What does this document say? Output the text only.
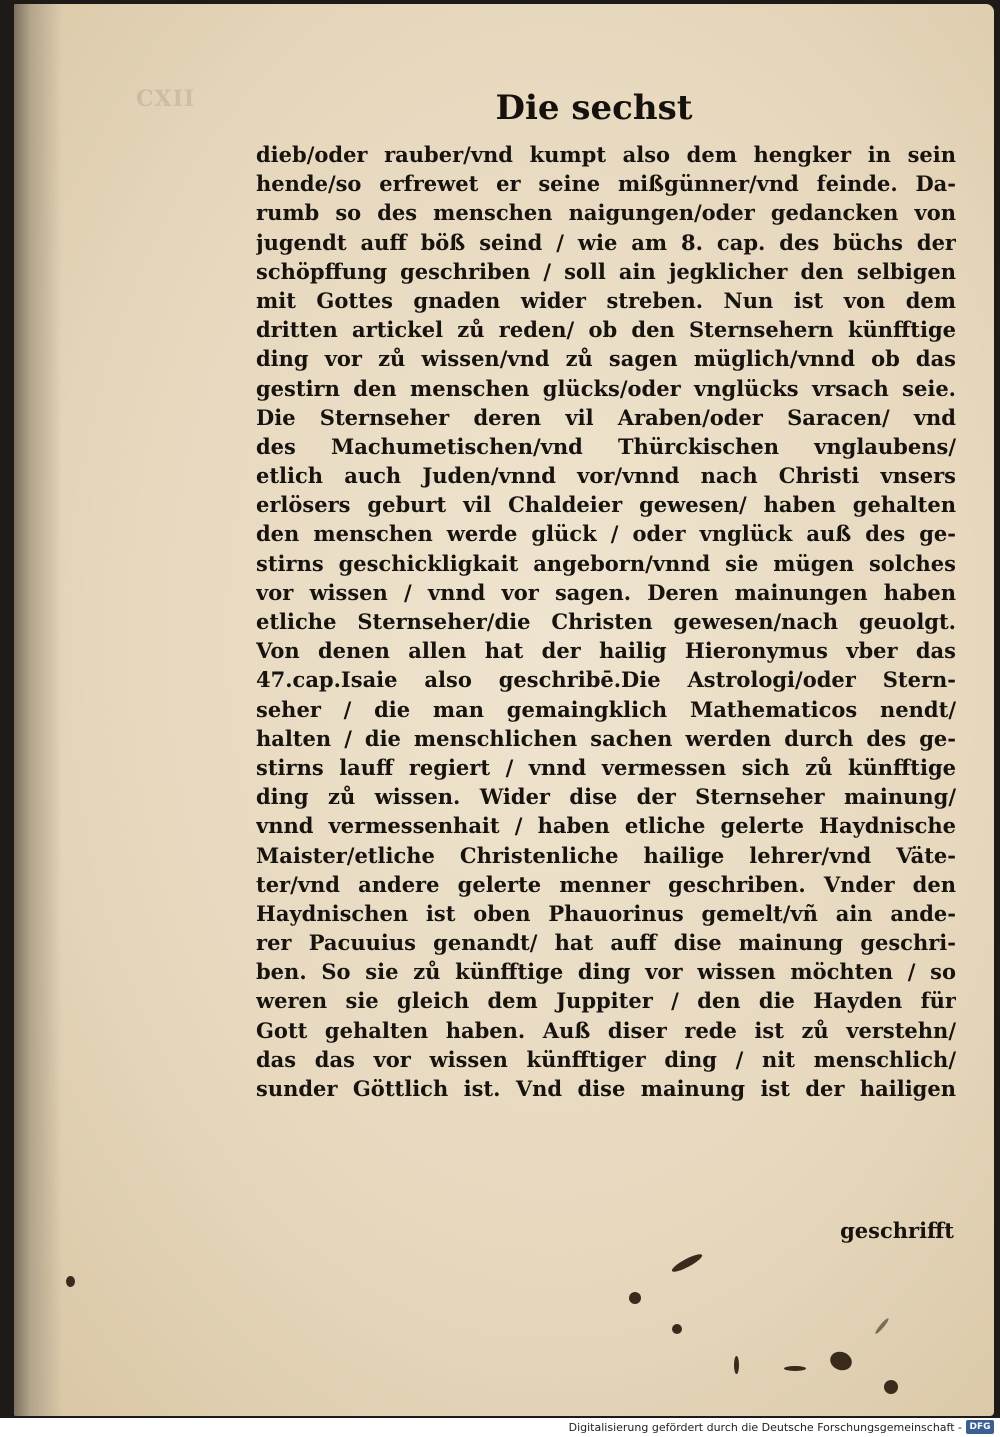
CXII	Die sechst
dieb/oder rauber/vnd kumpt also dem hengker in sein
hende/so erfrewet er seine mißgünner/vnd feinde. Da-
rumb so des menschen naigungen/oder gedancken von
jugendt auff böß seind / wie am 8. cap. des büchs der
schöpffung geschriben / soll ain jegklicher den selbigen
mit Gottes gnaden wider streben. Nun ist von dem
dritten artickel zů reden/ ob den Sternsehern künfftige
ding vor zů wissen/vnd zů sagen müglich/vnnd ob das
gestirn den menschen glücks/oder vnglücks vrsach seie.
Die Sternseher deren vil Araben/oder Saracen/ vnd
des Machumetischen/vnd Thürckischen vnglaubens/
etlich auch Juden/vnnd vor/vnnd nach Christi vnsers
erlösers geburt vil Chaldeier gewesen/ haben gehalten
den menschen werde glück / oder vnglück auß des ge-
stirns geschickligkait angeborn/vnnd sie mügen solches
vor wissen / vnnd vor sagen. Deren mainungen haben
etliche Sternseher/die Christen gewesen/nach geuolgt.
Von denen allen hat der hailig Hieronymus vber das
47.cap.Isaie also geschribē.Die Astrologi/oder Stern-
seher / die man gemaingklich Mathematicos nendt/
halten / die menschlichen sachen werden durch des ge-
stirns lauff regiert / vnnd vermessen sich zů künfftige
ding zů wissen. Wider dise der Sternseher mainung/
vnnd vermessenhait / haben etliche gelerte Haydnische
Maister/etliche Christenliche hailige lehrer/vnd Väte-
ter/vnd andere gelerte menner geschriben. Vnder den
Haydnischen ist oben Phauorinus gemelt/vñ ain ande-
rer Pacuuius genandt/ hat auff dise mainung geschri-
ben. So sie zů künfftige ding vor wissen möchten / so
weren sie gleich dem Juppiter / den die Hayden für
Gott gehalten haben. Auß diser rede ist zů verstehn/
das das vor wissen künfftiger ding / nit menschlich/
sunder Göttlich ist. Vnd dise mainung ist der hailigen
geschrifft
Digitalisierung gefördert durch die Deutsche Forschungsgemeinschaft - DFG
